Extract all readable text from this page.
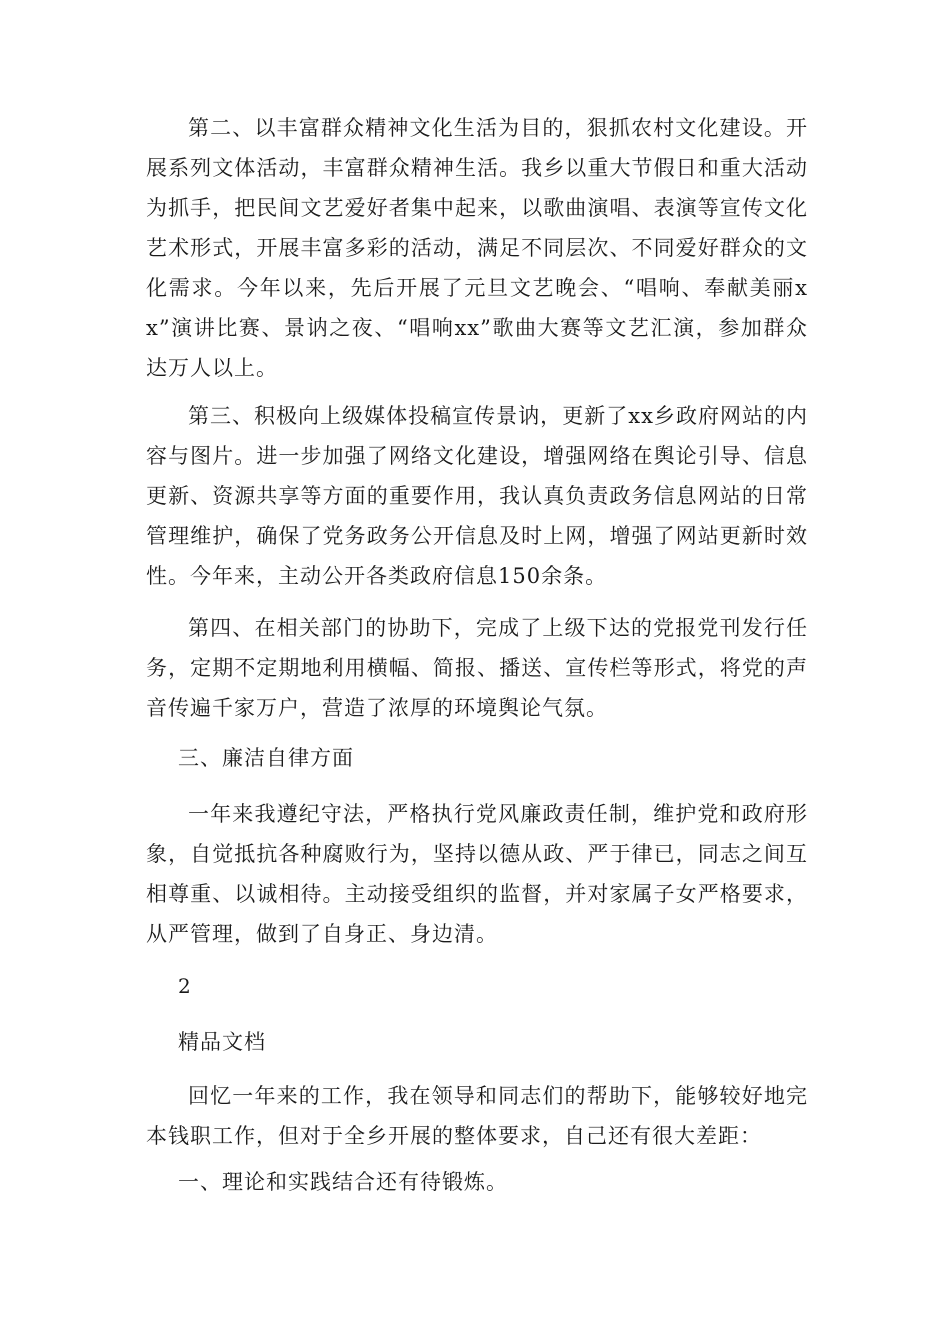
第二、以丰富群众精神文化生活为目的，狠抓农村文化建设。开展系列文体活动，丰富群众精神生活。我乡以重大节假日和重大活动为抓手，把民间文艺爱好者集中起来，以歌曲演唱、表演等宣传文化艺术形式，开展丰富多彩的活动，满足不同层次、不同爱好群众的文化需求。今年以来，先后开展了元旦文艺晚会、“唱响、奉献美丽xx”演讲比赛、景讷之夜、“唱响xx”歌曲大赛等文艺汇演，参加群众达万人以上。

第三、积极向上级媒体投稿宣传景讷，更新了xx乡政府网站的内容与图片。进一步加强了网络文化建设，增强网络在舆论引导、信息更新、资源共享等方面的重要作用，我认真负责政务信息网站的日常管理维护，确保了党务政务公开信息及时上网，增强了网站更新时效性。今年来，主动公开各类政府信息150余条。

第四、在相关部门的协助下，完成了上级下达的党报党刊发行任务，定期不定期地利用横幅、简报、播送、宣传栏等形式，将党的声音传遍千家万户，营造了浓厚的环境舆论气氛。

三、廉洁自律方面

一年来我遵纪守法，严格执行党风廉政责任制，维护党和政府形象，自觉抵抗各种腐败行为，坚持以德从政、严于律已，同志之间互相尊重、以诚相待。主动接受组织的监督，并对家属子女严格要求，从严管理，做到了自身正、身边清。

2

精品文档

回忆一年来的工作，我在领导和同志们的帮助下，能够较好地完本钱职工作，但对于全乡开展的整体要求，自己还有很大差距：

一、理论和实践结合还有待锻炼。
